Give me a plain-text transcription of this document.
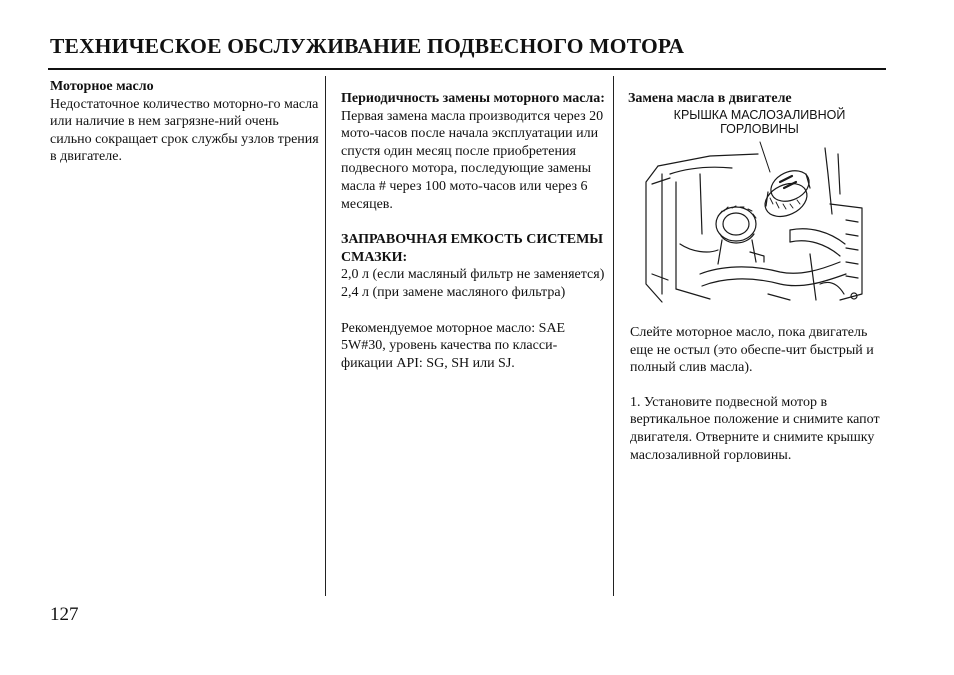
ТЕХНИЧЕСКОЕ ОБСЛУЖИВАНИЕ ПОДВЕСНОГО МОТОРА
Моторное масло

Недостаточное количество моторно-го масла или наличие в нем загрязне-ний очень сильно сокращает срок службы узлов трения в двигателе.

Периодичность замены моторного масла:

Первая замена масла производится через 20 мото-часов после начала эксплуатации или спустя один месяц после приобретения подвесного мотора, последующие замены масла # через 100 мото-часов или через 6 месяцев.

ЗАПРАВОЧНАЯ ЕМКОСТЬ СИСТЕМЫ СМАЗКИ:

2,0 л (если масляный фильтр не заменяется)

2,4 л (при замене масляного фильтра)

Рекомендуемое моторное масло: SAE 5W#30, уровень качества по класси-фикации API: SG, SH или SJ.

Замена масла в двигателе
КРЫШКА МАСЛОЗАЛИВНОЙ ГОРЛОВИНЫ

Слейте моторное масло, пока двигатель еще не остыл (это обеспе-чит быстрый и полный слив масла).

1. Установите подвесной мотор в вертикальное положение и снимите капот двигателя. Отверните и снимите крышку маслозаливной горловины.

127
